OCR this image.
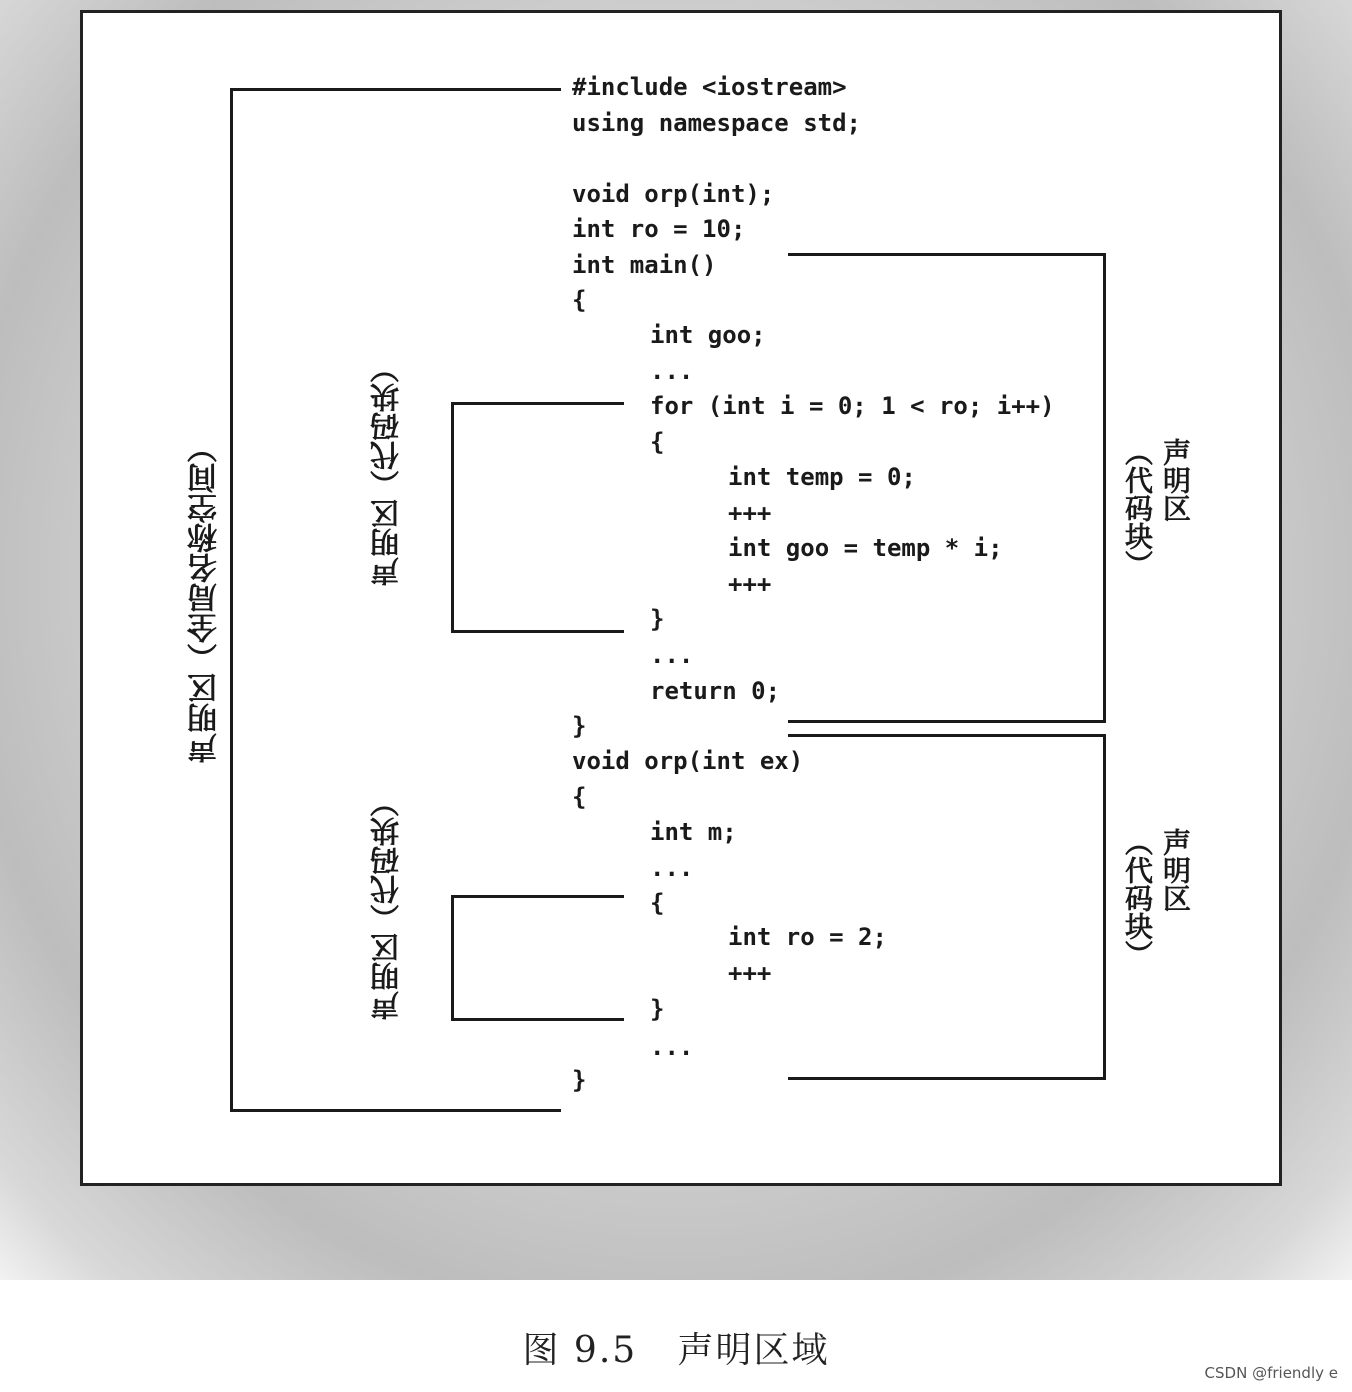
#include <iostream>
using namespace std;

void orp(int);
int ro = 10;
int main()
{
int goo;
...
for (int i = 0; 1 < ro; i++)
{
int temp = 0;
+++
int goo = temp * i;
+++
}
...
return 0;
}
void orp(int ex)
{
int m;
...
{
int ro = 2;
+++
}
...
}
声明区（全局名称空间）	声明区（代码块）
声明区（代码块）
声明区
（代码块）
声明区
（代码块）
图 9.5 声明区域
CSDN @friendly e
